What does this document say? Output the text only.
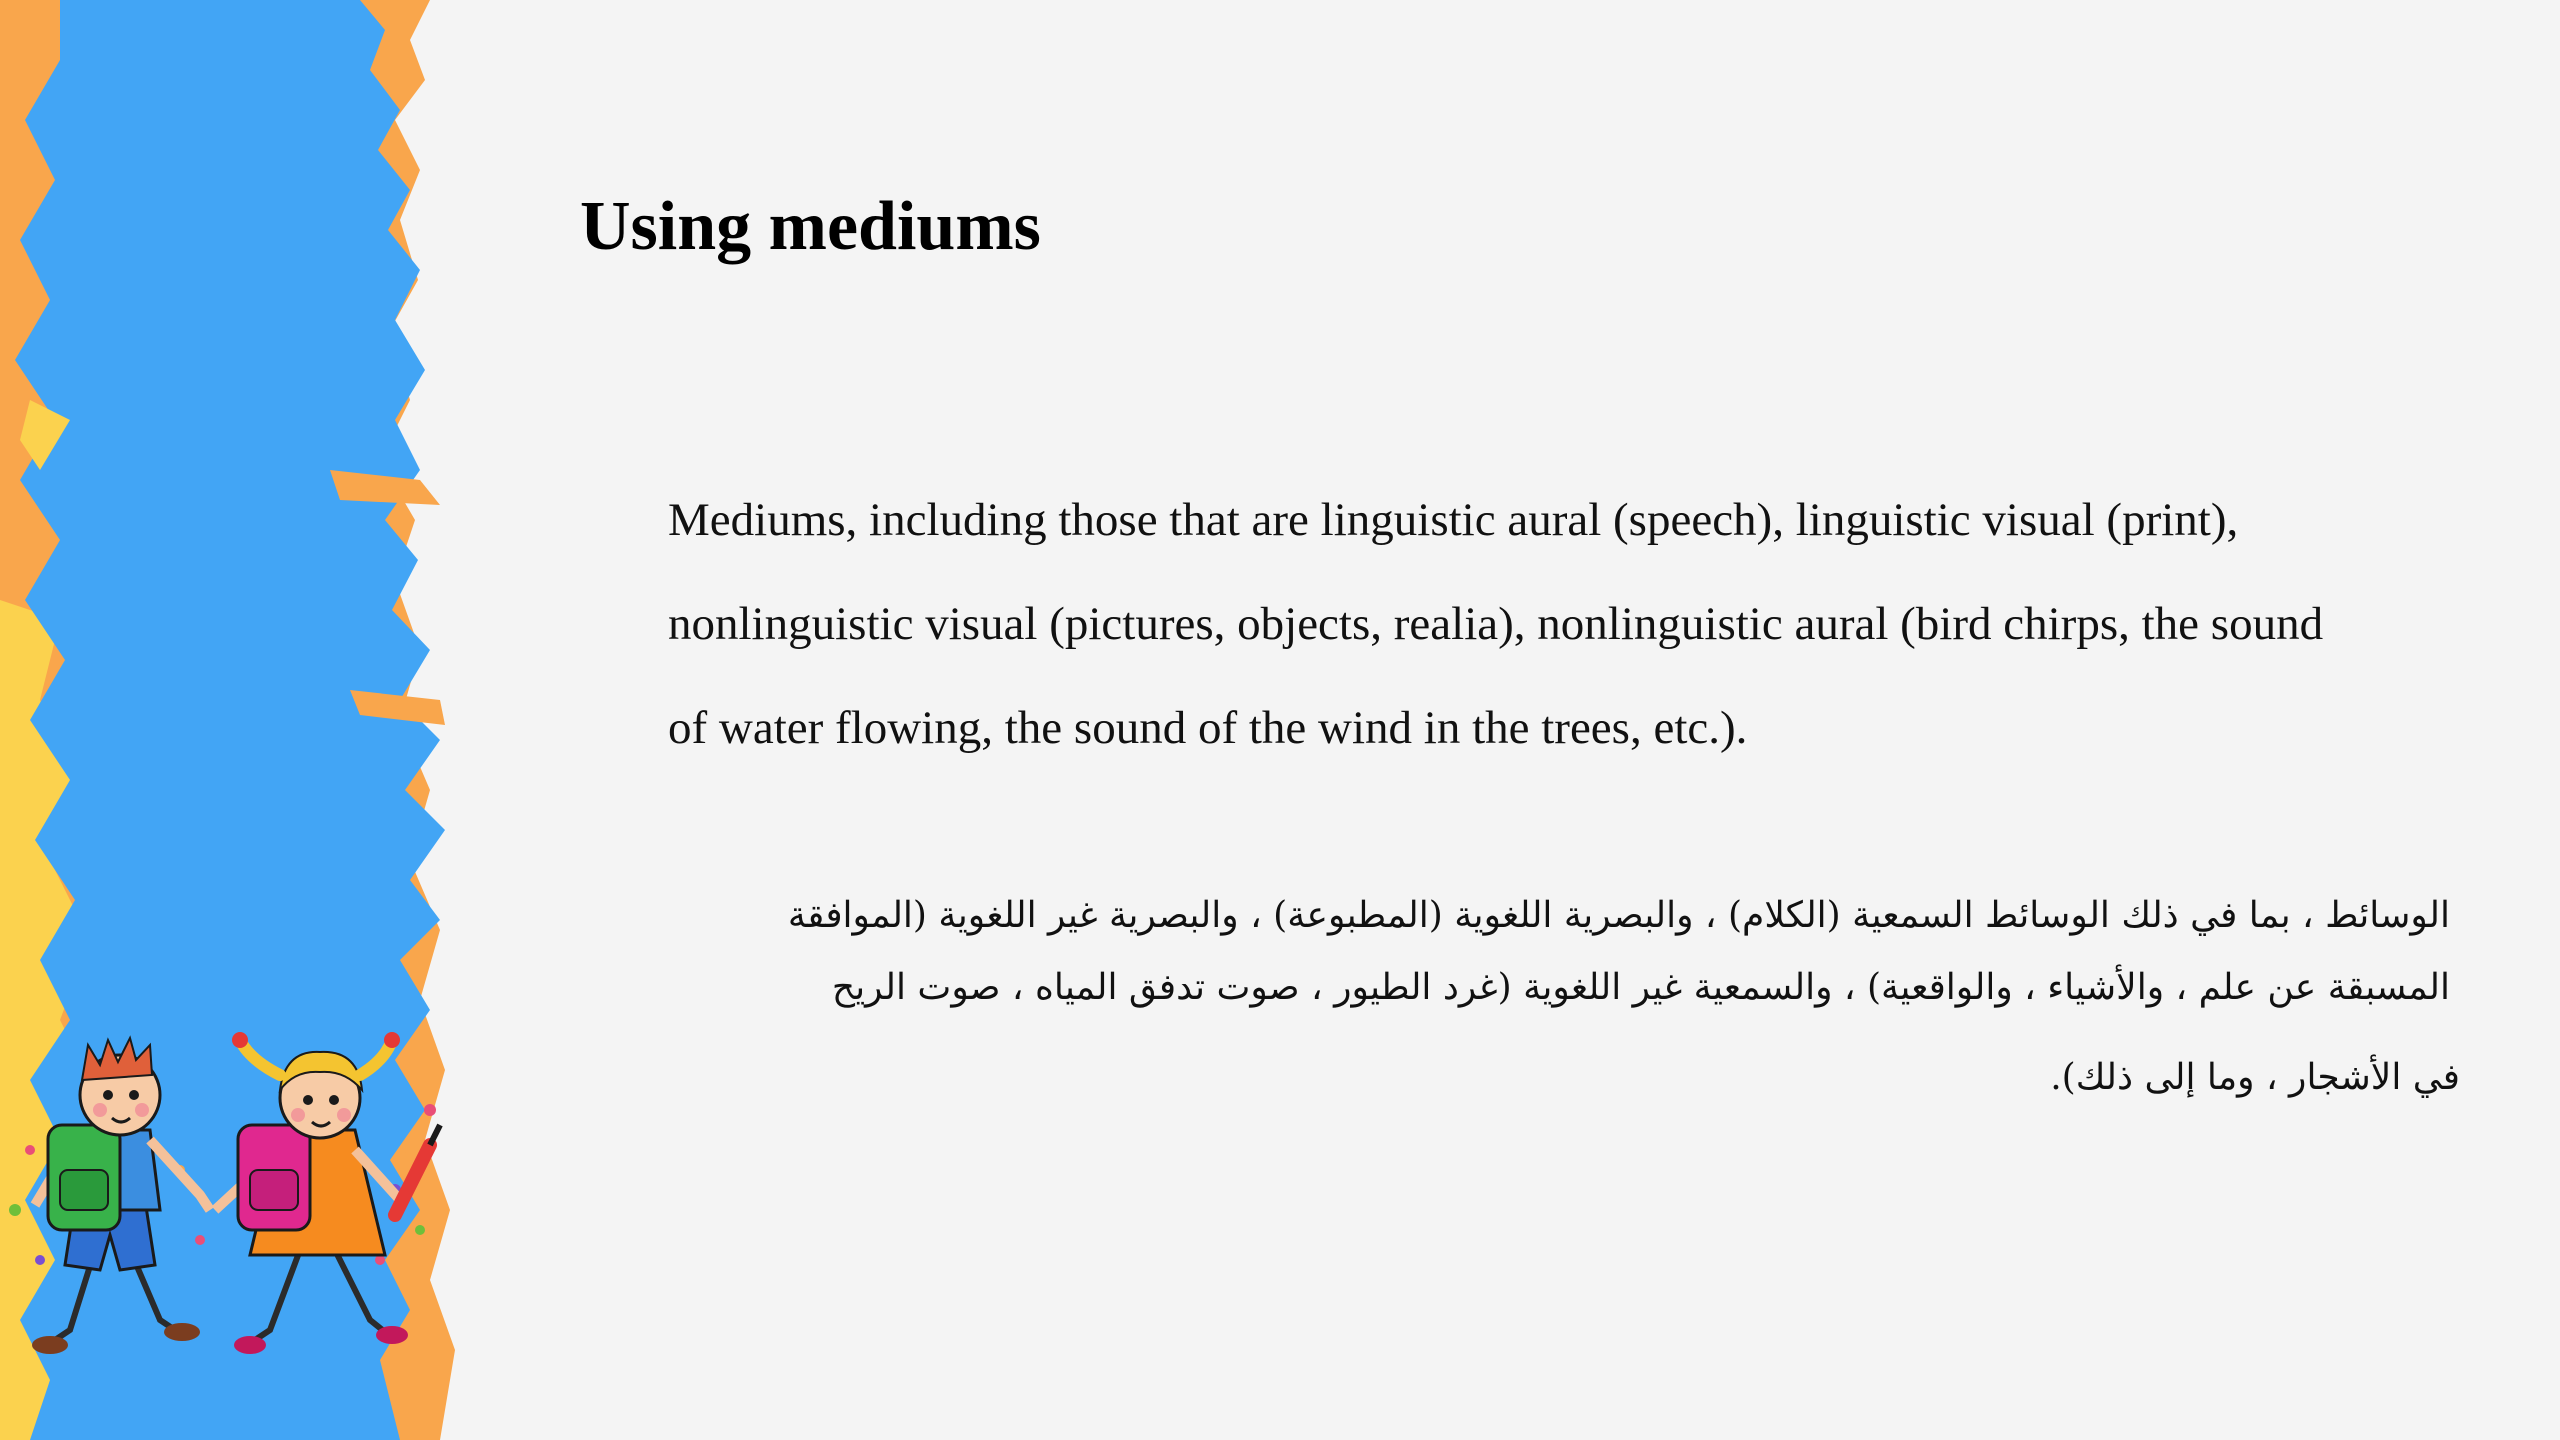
Using mediums

Mediums, including those that are linguistic aural (speech), linguistic visual (print),
nonlinguistic visual (pictures, objects, realia), nonlinguistic aural (bird chirps, the sound
of water flowing, the sound of the wind in the trees, etc.).

الوسائط ، بما في ذلك الوسائط السمعية (الكلام) ، والبصرية اللغوية (المطبوعة) ، والبصرية غير اللغوية (الموافقة
المسبقة عن علم ، والأشياء ، والواقعية) ، والسمعية غير اللغوية (غرد الطيور ، صوت تدفق المياه ، صوت الريح
في الأشجار ، وما إلى ذلك).
